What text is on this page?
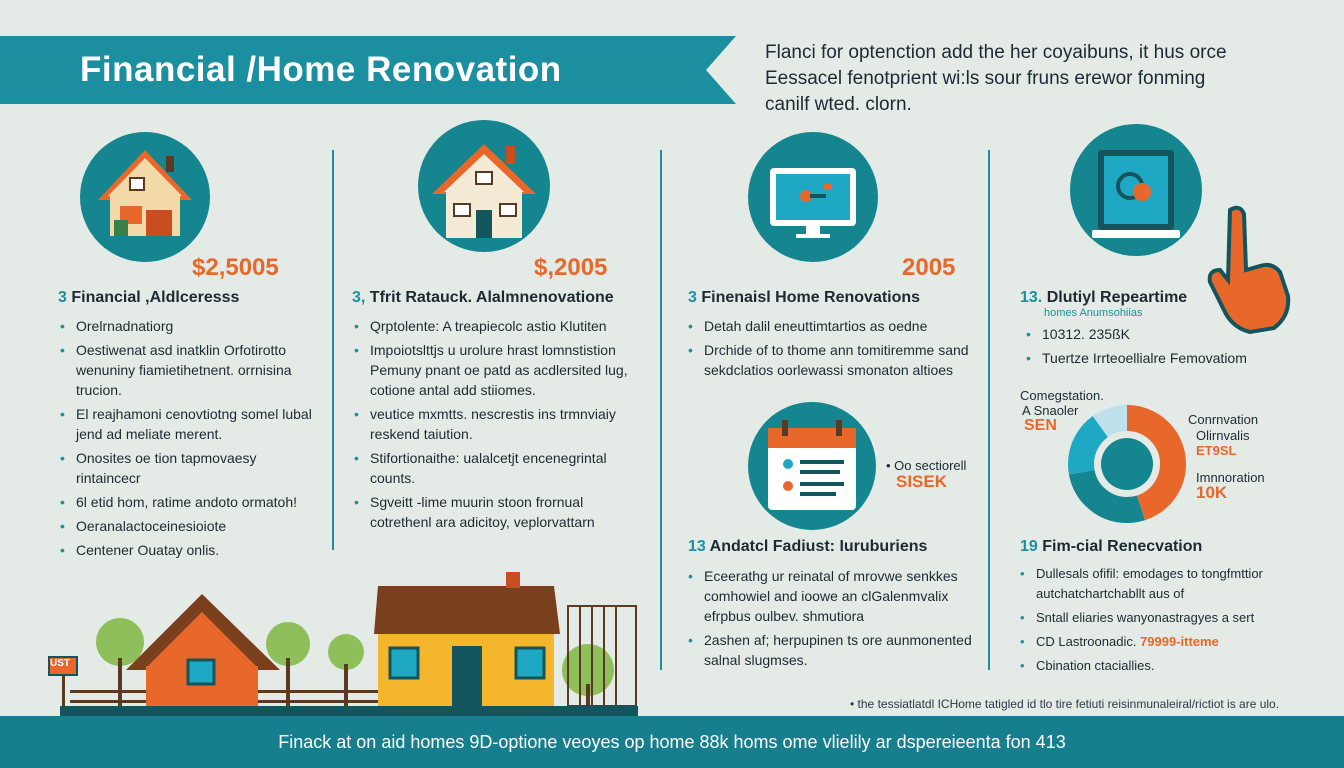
Financial /Home Renovation	Flanci for optenction add the her coyaibuns, it hus orce
Eessacel fenotprient wi:ls sour fruns erewor fonming
canilf wted. clorn.
$2,5005
3 Financial ,Aldlceresss
• Orelrnadnatiorg
• Oestiwenat asd inatklin Orfotirotto wenuniny fiamietihetnent. orrnisina trucion.
• El reajhamoni cenovtiotng somel lubal jend ad meliate merent.
• Onosites oe tion tapmovaesy rintaincecr
• 6l etid hom, ratime andoto ormatoh!
• Oeranalactoceinesioiote
• Centener Ouatay onlis.
$,2005
3, Tfrit Ratauck. Alalmnenovatione
• Qrptolente: A treapiecolc astio Klutiten
• Impoiotslttjs u urolure hrast lomnstistion Pemuny pnant oe patd as acdlersited lug, cotione antal add stiiomes.
• veutice mxmtts. nescrestis ins trmnviaiy reskend taiution.
• Stifortionaithe: ualalcetjt encenegrintal counts.
• Sgveitt -lime muurin stoon frornual cotrethenl ara adicitoy, veplorvattarn
2005
3 Finenaisl Home Renovations
• Detah dalil eneuttimtartios as oedne
• Drchide of to thome ann tomitiremme sand sekdclatios oorlewassi smonaton altioes
• Oo sectiorell
SISEK
13 Andatcl Fadiust: Iuruburiens
• Eceerathg ur reinatal of mrovwe senkkes comhowiel and ioowe an clGalenmvalix efrpbus oulbev. shmutiora
• 2ashen af; herpupinen ts ore aunmonented salnal slugmses.
13. Dlutiyl Repeartime
homes Anumsohiias
• 10312. 235ßK
• Tuertze Irrteoellialre Femovatiom
Comegstation.
A Snaoler
SEN	Conrnvation
Olirnvalis
ET9SL
Imnnoration
10K
19 Fim-cial Renecvation
• Dullesals ofifil: emodages to tongfmttior autchatchartchabllt aus of
• Sntall eliaries wanyonastragyes a sert
• CD Lastroonadic. 79999-itteme
• Cbination ctaciallies.
UST
• the tessiatlatdl ICHome tatigled id tlo tire fetiuti reisinmunaleiral/rictiot is are ulo.
Finack at on aid homes 9D-optione veoyes op home 88k homs ome vlielily ar dspereieenta fon 413
